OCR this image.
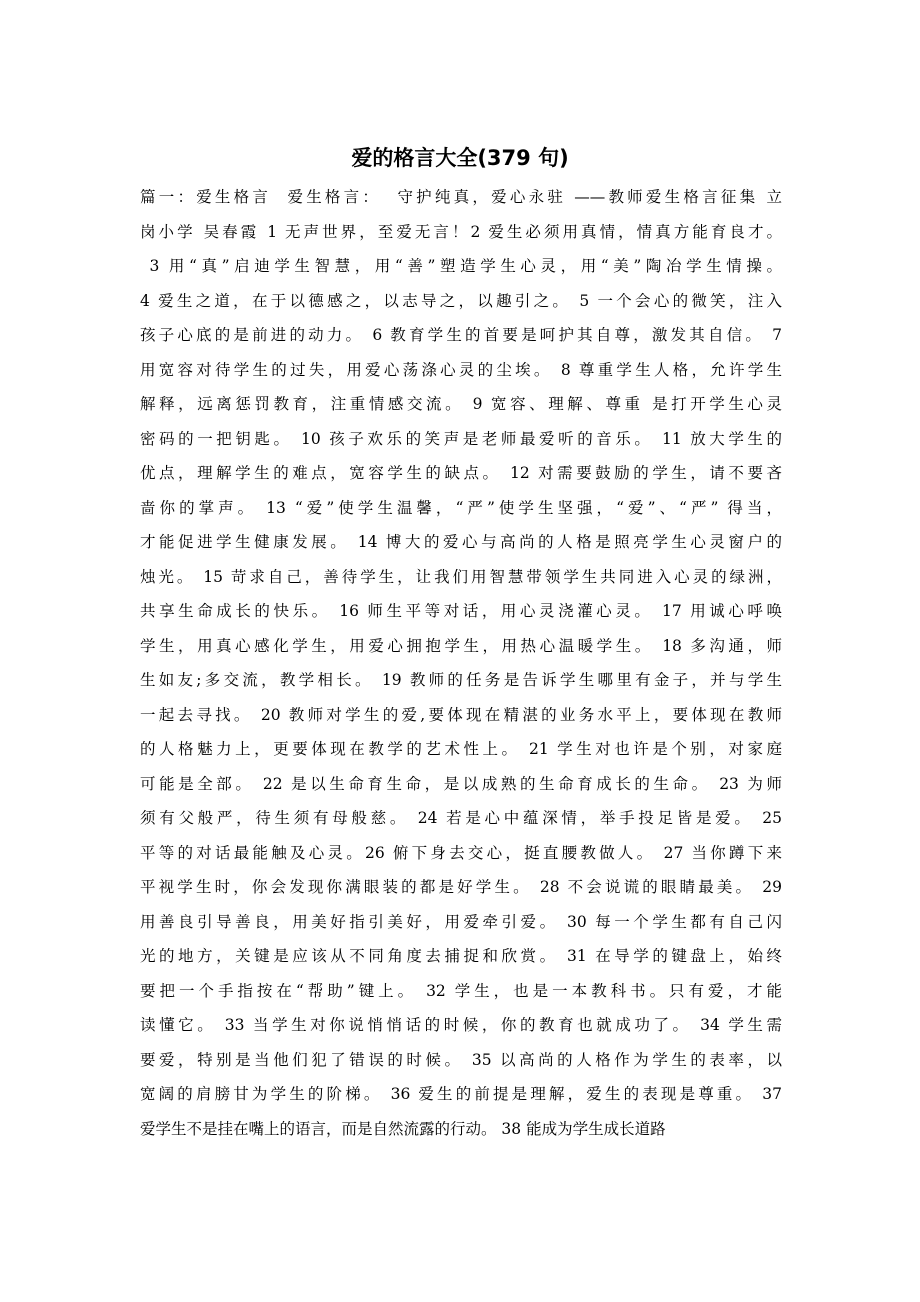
爱的格言大全(379 句)
篇一：爱生格言  爱生格言：  守护纯真，爱心永驻 ——教师爱生格言征集 立
岗小学 吴春霞 1 无声世界，至爱无言！2 爱生必须用真情，情真方能育良才。
3 用“真”启迪学生智慧，用“善”塑造学生心灵，用“美”陶冶学生情操。
4 爱生之道，在于以德感之，以志导之，以趣引之。 5 一个会心的微笑，注入
孩子心底的是前进的动力。 6 教育学生的首要是呵护其自尊，激发其自信。 7
用宽容对待学生的过失，用爱心荡涤心灵的尘埃。 8 尊重学生人格，允许学生
解释，远离惩罚教育，注重情感交流。 9 宽容、理解、尊重 是打开学生心灵
密码的一把钥匙。 10 孩子欢乐的笑声是老师最爱听的音乐。 11 放大学生的
优点，理解学生的难点，宽容学生的缺点。 12 对需要鼓励的学生，请不要吝
啬你的掌声。 13 “爱”使学生温馨，“严”使学生坚强，“爱”、“严” 得当，
才能促进学生健康发展。 14 博大的爱心与高尚的人格是照亮学生心灵窗户的
烛光。 15 苛求自己，善待学生，让我们用智慧带领学生共同进入心灵的绿洲，
共享生命成长的快乐。 16 师生平等对话，用心灵浇灌心灵。 17 用诚心呼唤
学生，用真心感化学生，用爱心拥抱学生，用热心温暖学生。 18 多沟通，师
生如友;多交流，教学相长。 19 教师的任务是告诉学生哪里有金子，并与学生
一起去寻找。 20 教师对学生的爱,要体现在精湛的业务水平上，要体现在教师
的人格魅力上，更要体现在教学的艺术性上。 21 学生对也许是个别，对家庭
可能是全部。 22 是以生命育生命，是以成熟的生命育成长的生命。 23 为师
须有父般严，待生须有母般慈。 24 若是心中蕴深情，举手投足皆是爱。 25
平等的对话最能触及心灵。26 俯下身去交心，挺直腰教做人。 27 当你蹲下来
平视学生时，你会发现你满眼装的都是好学生。 28 不会说谎的眼睛最美。 29
用善良引导善良，用美好指引美好，用爱牵引爱。 30 每一个学生都有自己闪
光的地方，关键是应该从不同角度去捕捉和欣赏。 31 在导学的键盘上，始终
要把一个手指按在“帮助”键上。 32 学生，也是一本教科书。只有爱，才能
读懂它。 33 当学生对你说悄悄话的时候，你的教育也就成功了。 34 学生需
要爱，特别是当他们犯了错误的时候。 35 以高尚的人格作为学生的表率，以
宽阔的肩膀甘为学生的阶梯。 36 爱生的前提是理解，爱生的表现是尊重。 37
爱学生不是挂在嘴上的语言，而是自然流露的行动。 38 能成为学生成长道路
